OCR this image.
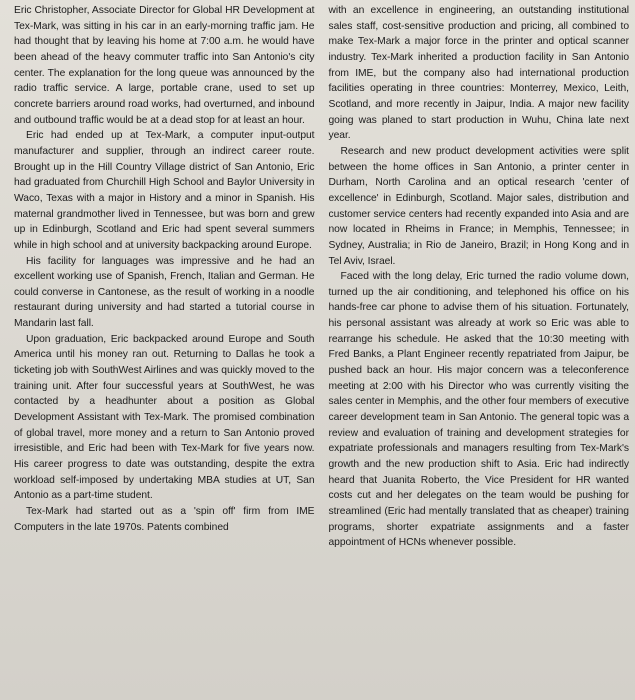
Eric Christopher, Associate Director for Global HR Development at Tex-Mark, was sitting in his car in an early-morning traffic jam. He had thought that by leaving his home at 7:00 a.m. he would have been ahead of the heavy commuter traffic into San Antonio's city center. The explanation for the long queue was announced by the radio traffic service. A large, portable crane, used to set up concrete barriers around road works, had overturned, and inbound and outbound traffic would be at a dead stop for at least an hour.

Eric had ended up at Tex-Mark, a computer input-output manufacturer and supplier, through an indirect career route. Brought up in the Hill Country Village district of San Antonio, Eric had graduated from Churchill High School and Baylor University in Waco, Texas with a major in History and a minor in Spanish. His maternal grandmother lived in Tennessee, but was born and grew up in Edinburgh, Scotland and Eric had spent several summers while in high school and at university backpacking around Europe.

His facility for languages was impressive and he had an excellent working use of Spanish, French, Italian and German. He could converse in Cantonese, as the result of working in a noodle restaurant during university and had started a tutorial course in Mandarin last fall.

Upon graduation, Eric backpacked around Europe and South America until his money ran out. Returning to Dallas he took a ticketing job with SouthWest Airlines and was quickly moved to the training unit. After four successful years at SouthWest, he was contacted by a headhunter about a position as Global Development Assistant with Tex-Mark. The promised combination of global travel, more money and a return to San Antonio proved irresistible, and Eric had been with Tex-Mark for five years now. His career progress to date was outstanding, despite the extra workload self-imposed by undertaking MBA studies at UT, San Antonio as a part-time student.

Tex-Mark had started out as a 'spin off' firm from IME Computers in the late 1970s. Patents combined

with an excellence in engineering, an outstanding institutional sales staff, cost-sensitive production and pricing, all combined to make Tex-Mark a major force in the printer and optical scanner industry. Tex-Mark inherited a production facility in San Antonio from IME, but the company also had international production facilities operating in three countries: Monterrey, Mexico, Leith, Scotland, and more recently in Jaipur, India. A major new facility going was planed to start production in Wuhu, China late next year.

Research and new product development activities were split between the home offices in San Antonio, a printer center in Durham, North Carolina and an optical research 'center of excellence' in Edinburgh, Scotland. Major sales, distribution and customer service centers had recently expanded into Asia and are now located in Rheims in France; in Memphis, Tennessee; in Sydney, Australia; in Rio de Janeiro, Brazil; in Hong Kong and in Tel Aviv, Israel.

Faced with the long delay, Eric turned the radio volume down, turned up the air conditioning, and telephoned his office on his hands-free car phone to advise them of his situation. Fortunately, his personal assistant was already at work so Eric was able to rearrange his schedule. He asked that the 10:30 meeting with Fred Banks, a Plant Engineer recently repatriated from Jaipur, be pushed back an hour. His major concern was a teleconference meeting at 2:00 with his Director who was currently visiting the sales center in Memphis, and the other four members of executive career development team in San Antonio. The general topic was a review and evaluation of training and development strategies for expatriate professionals and managers resulting from Tex-Mark's growth and the new production shift to Asia. Eric had indirectly heard that Juanita Roberto, the Vice President for HR wanted costs cut and her delegates on the team would be pushing for streamlined (Eric had mentally translated that as cheaper) training programs, shorter expatriate assignments and a faster appointment of HCNs whenever possible.
